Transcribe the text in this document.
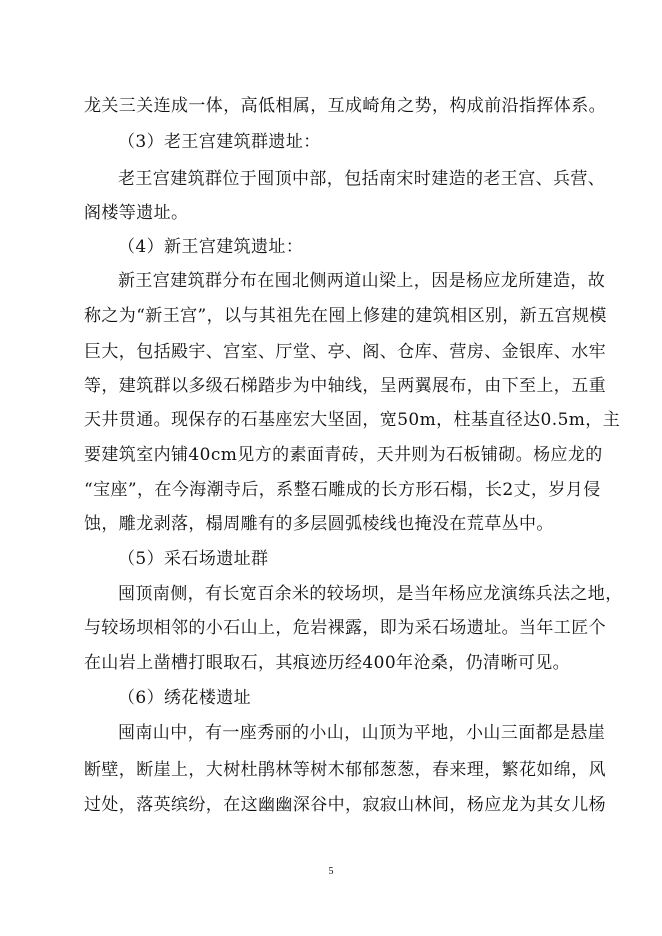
龙关三关连成一体，高低相属，互成崎角之势，构成前沿指挥体系。
（3）老王宫建筑群遗址：
老王宫建筑群位于囤顶中部，包括南宋时建造的老王宫、兵营、
阁楼等遗址。
（4）新王宫建筑遗址：
新王宫建筑群分布在囤北侧两道山梁上，因是杨应龙所建造，故
称之为“新王宫”，以与其祖先在囤上修建的建筑相区别，新五宫规模
巨大，包括殿宇、宫室、厅堂、亭、阁、仓库、营房、金银库、水牢
等，建筑群以多级石梯踏步为中轴线，呈两翼展布，由下至上，五重
天井贯通。现保存的石基座宏大坚固，宽50m，柱基直径达0.5m，主
要建筑室内铺40cm见方的素面青砖，天井则为石板铺砌。杨应龙的
“宝座”，在今海潮寺后，系整石雕成的长方形石榻，长2丈，岁月侵
蚀，雕龙剥落，榻周雕有的多层圆弧棱线也掩没在荒草丛中。
（5）采石场遗址群
囤顶南侧，有长宽百余米的较场坝，是当年杨应龙演练兵法之地，
与较场坝相邻的小石山上，危岩裸露，即为采石场遗址。当年工匠个
在山岩上凿槽打眼取石，其痕迹历经400年沧桑，仍清晰可见。
（6）绣花楼遗址
囤南山中，有一座秀丽的小山，山顶为平地，小山三面都是悬崖
断壁，断崖上，大树杜鹃林等树木郁郁葱葱，春来理，繁花如绵，风
过处，落英缤纷，在这幽幽深谷中，寂寂山林间，杨应龙为其女儿杨
5
